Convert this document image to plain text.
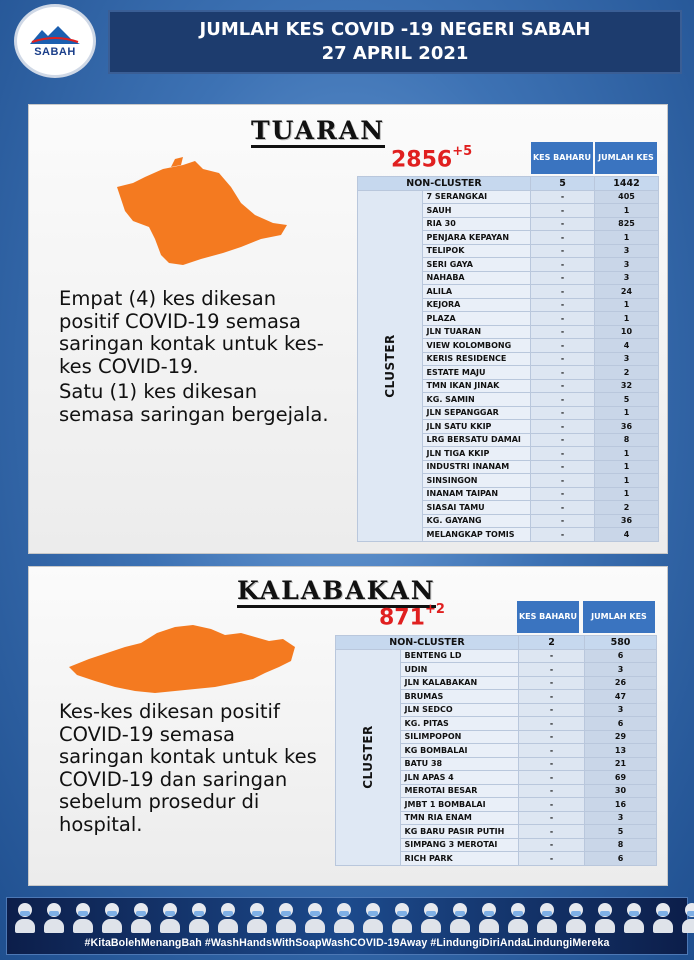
SABAH
JUMLAH KES COVID -19 NEGERI SABAH
27 APRIL 2021
TUARAN
$2856^{+5}$

Empat (4) kes dikesan positif COVID-19 semasa saringan kontak untuk kes-kes COVID-19.

Satu (1) kes dikesan semasa saringan bergejala.

KES BAHARU JUMLAH KES
NON-CLUSTER		5	1442
CLUSTER	7 SERANGKAI	-	405
	SAUH	-	1
	RIA 30	-	825
	PENJARA KEPAYAN	-	1
	TELIPOK	-	3
	SERI GAYA	-	3
	NAHABA	-	3
	ALILA	-	24
	KEJORA	-	1
	PLAZA	-	1
	JLN TUARAN	-	10
	VIEW KOLOMBONG	-	4
	KERIS RESIDENCE	-	3
	ESTATE MAJU	-	2
	TMN IKAN JINAK	-	32
	KG. SAMIN	-	5
	JLN SEPANGGAR	-	1
	JLN SATU KKIP	-	36
	LRG BERSATU DAMAI	-	8
	JLN TIGA KKIP	-	1
	INDUSTRI INANAM	-	1
	SINSINGON	-	1
	INANAM TAIPAN	-	1
	SIASAI TAMU	-	2
	KG. GAYANG	-	36
	MELANGKAP TOMIS	-	4
KALABAKAN
$871^{+2}$

Kes-kes dikesan positif COVID-19 semasa saringan kontak untuk kes COVID-19 dan saringan sebelum prosedur di hospital.

KES BAHARU	JUMLAH KES
NON-CLUSTER		2	580
CLUSTER	BENTENG LD	-	6
	UDIN	-	3
	JLN KALABAKAN	-	26
	BRUMAS	-	47
	JLN SEDCO	-	3
	KG. PITAS	-	6
	SILIMPOPON	-	29
	KG BOMBALAI	-	13
	BATU 38	-	21
	JLN APAS 4	-	69
	MEROTAI BESAR	-	30
	JMBT 1 BOMBALAI	-	16
	TMN RIA ENAM	-	3
	KG BARU PASIR PUTIH	-	5
	SIMPANG 3 MEROTAI	-	8
	RICH PARK	-	6
#KitaBolehMenangBah #WashHandsWithSoapWashCOVID-19Away #LindungiDiriAndaLindungiMereka
